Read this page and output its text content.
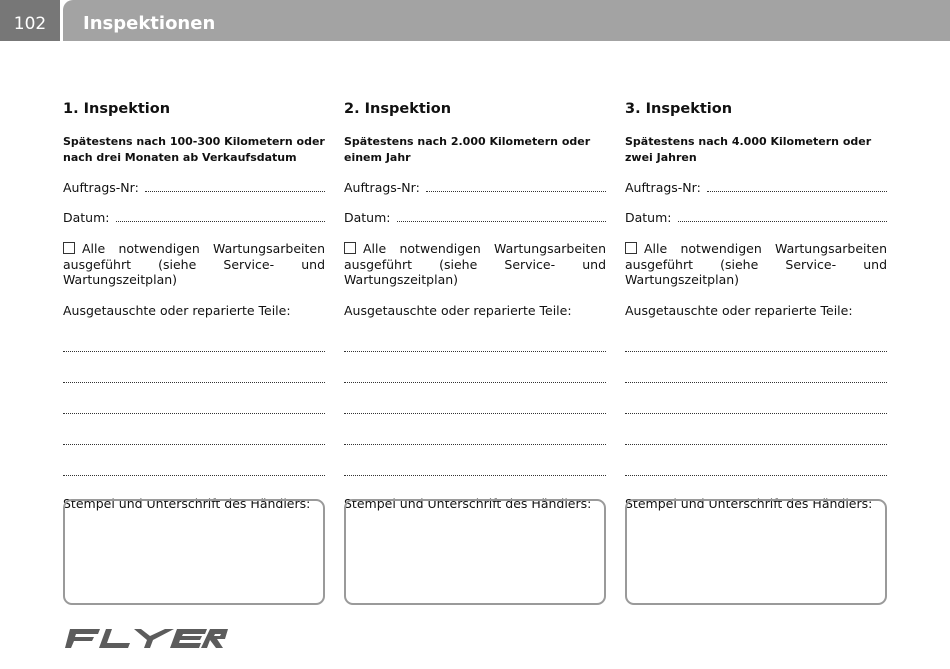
102	Inspektionen
1. Inspektion
Spätestens nach 100-300 Kilometern oder nach drei Monaten ab Verkaufsdatum
Auftrags-Nr:
Datum:
Alle notwendigen Wartungsarbeiten ausgeführt (siehe Service- und Wartungszeitplan)
Ausgetauschte oder reparierte Teile:
Stempel und Unterschrift des Händlers:
2. Inspektion
Spätestens nach 2.000 Kilometern oder einem Jahr
Auftrags-Nr:
Datum:
Alle notwendigen Wartungsarbeiten ausgeführt (siehe Service- und Wartungszeitplan)
Ausgetauschte oder reparierte Teile:
Stempel und Unterschrift des Händlers:
3. Inspektion
Spätestens nach 4.000 Kilometern oder zwei Jahren
Auftrags-Nr:
Datum:
Alle notwendigen Wartungsarbeiten ausgeführt (siehe Service- und Wartungszeitplan)
Ausgetauschte oder reparierte Teile:
Stempel und Unterschrift des Händlers:
